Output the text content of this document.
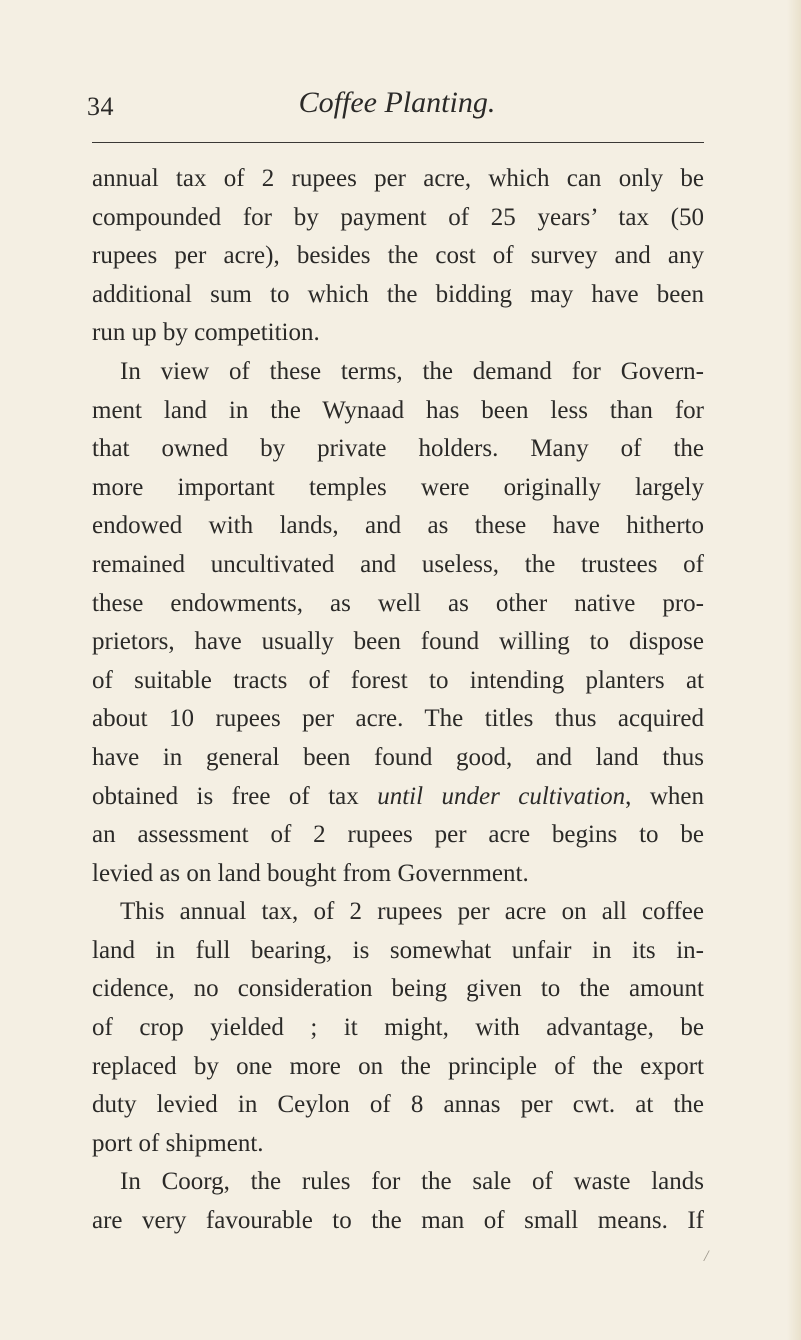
34	Coffee Planting.
annual tax of 2 rupees per acre, which can only be
compounded for by payment of 25 years’ tax (50
rupees per acre), besides the cost of survey and any
additional sum to which the bidding may have been
run up by competition.
In view of these terms, the demand for Govern-
ment land in the Wynaad has been less than for
that owned by private holders. Many of the
more important temples were originally largely
endowed with lands, and as these have hitherto
remained uncultivated and useless, the trustees of
these endowments, as well as other native pro-
prietors, have usually been found willing to dispose
of suitable tracts of forest to intending planters at
about 10 rupees per acre. The titles thus acquired
have in general been found good, and land thus
obtained is free of tax until under cultivation, when
an assessment of 2 rupees per acre begins to be
levied as on land bought from Government.
This annual tax, of 2 rupees per acre on all coffee
land in full bearing, is somewhat unfair in its in-
cidence, no consideration being given to the amount
of crop yielded ; it might, with advantage, be
replaced by one more on the principle of the export
duty levied in Ceylon of 8 annas per cwt. at the
port of shipment.
In Coorg, the rules for the sale of waste lands
are very favourable to the man of small means. If
/
